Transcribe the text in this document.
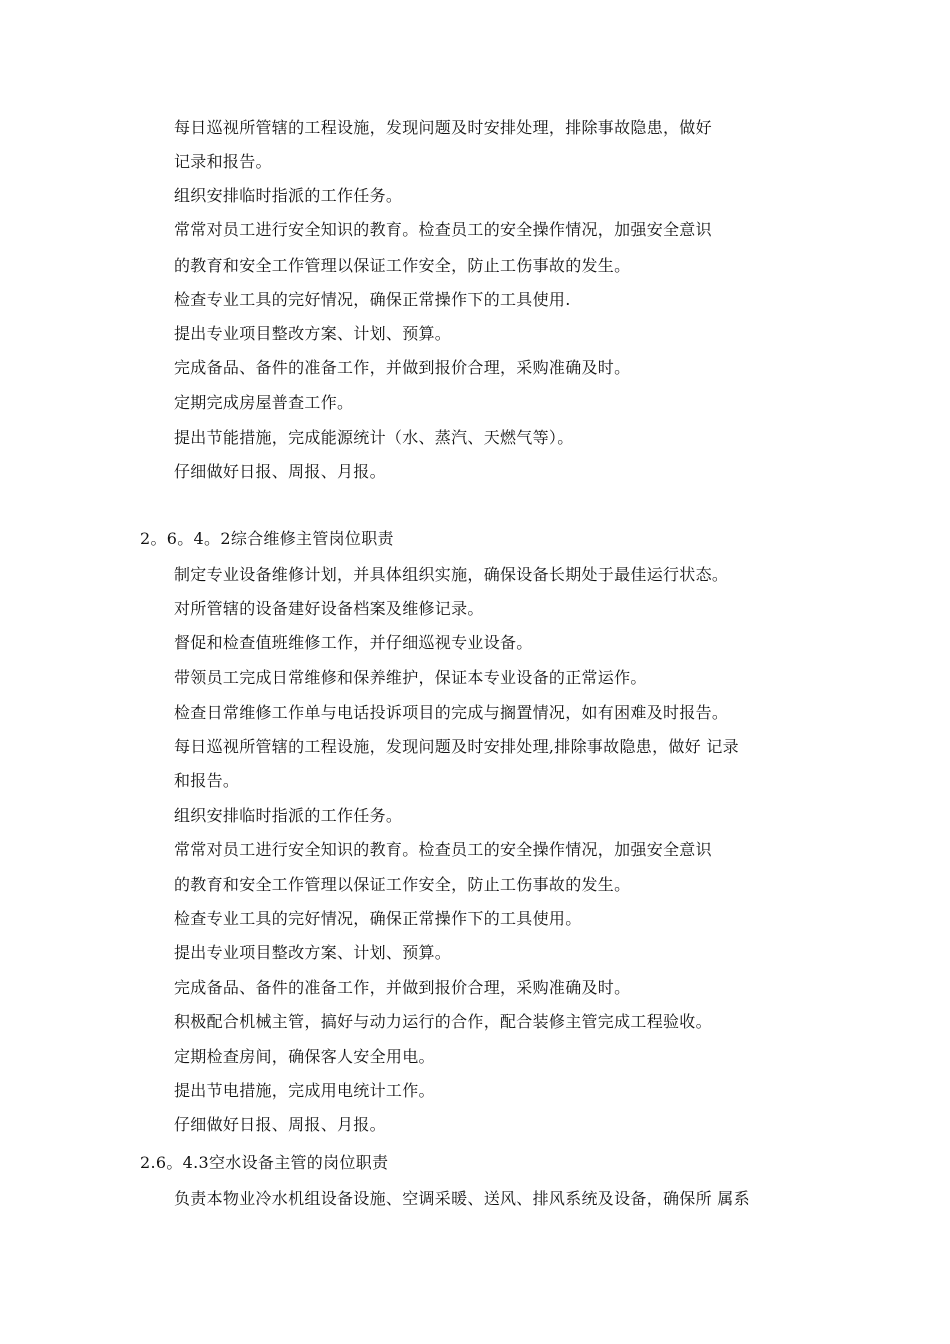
每日巡视所管辖的工程设施，发现问题及时安排处理，排除事故隐患，做好
记录和报告。
组织安排临时指派的工作任务。
常常对员工进行安全知识的教育。检查员工的安全操作情况，加强安全意识
的教育和安全工作管理以保证工作安全，防止工伤事故的发生。
检查专业工具的完好情况，确保正常操作下的工具使用.
提出专业项目整改方案、计划、预算。
完成备品、备件的准备工作，并做到报价合理，采购准确及时。
定期完成房屋普查工作。
提出节能措施，完成能源统计（水、蒸汽、天燃气等）。
仔细做好日报、周报、月报。
2。6。4。2综合维修主管岗位职责
制定专业设备维修计划，并具体组织实施，确保设备长期处于最佳运行状态。
对所管辖的设备建好设备档案及维修记录。
督促和检查值班维修工作，并仔细巡视专业设备。
带领员工完成日常维修和保养维护，保证本专业设备的正常运作。
检查日常维修工作单与电话投诉项目的完成与搁置情况，如有困难及时报告。
每日巡视所管辖的工程设施，发现问题及时安排处理,排除事故隐患，做好 记录
和报告。
组织安排临时指派的工作任务。
常常对员工进行安全知识的教育。检查员工的安全操作情况，加强安全意识
的教育和安全工作管理以保证工作安全，防止工伤事故的发生。
检查专业工具的完好情况，确保正常操作下的工具使用。
提出专业项目整改方案、计划、预算。
完成备品、备件的准备工作，并做到报价合理，采购准确及时。
积极配合机械主管，搞好与动力运行的合作，配合装修主管完成工程验收。
定期检查房间，确保客人安全用电。
提出节电措施，完成用电统计工作。
仔细做好日报、周报、月报。
2.6。4.3空水设备主管的岗位职责
负责本物业冷水机组设备设施、空调采暖、送风、排风系统及设备，确保所 属系
